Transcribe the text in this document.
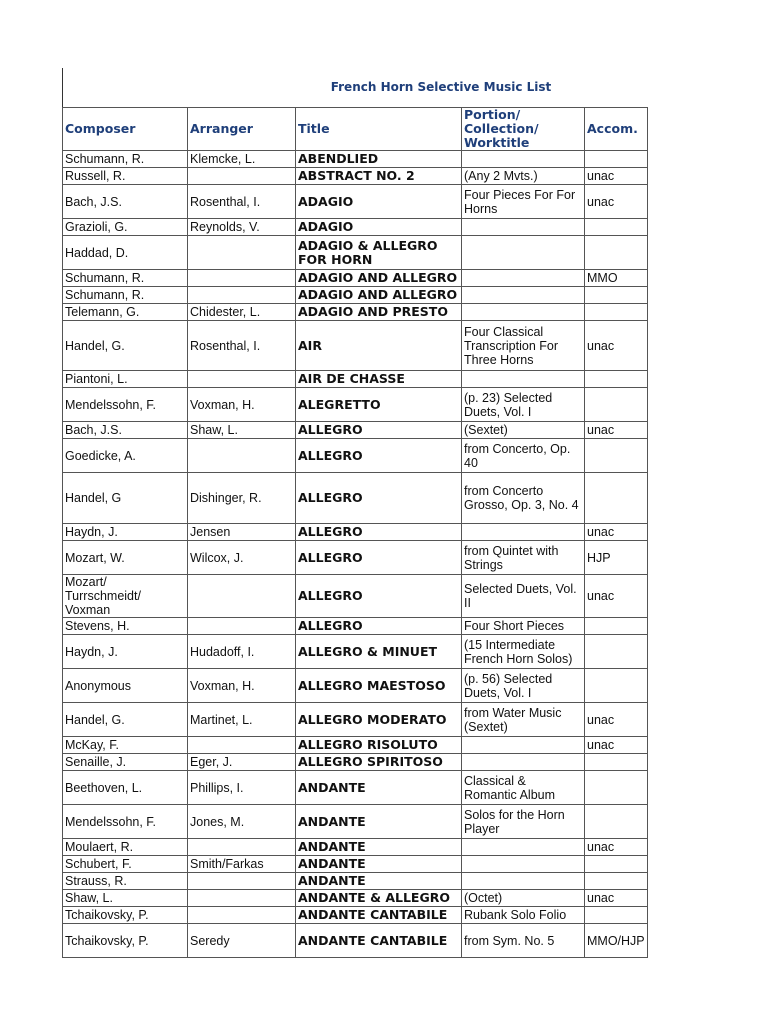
French Horn Selective Music List
Composer	Arranger	Title	Portion/ Collection/ Worktitle	Accom.
Schumann, R.	Klemcke, L.	ABENDLIED		
Russell, R.		ABSTRACT NO. 2	(Any 2 Mvts.)	unac
Bach, J.S.	Rosenthal, I.	ADAGIO	Four Pieces For For Horns	unac
Grazioli, G.	Reynolds, V.	ADAGIO		
Haddad, D.		ADAGIO & ALLEGRO FOR HORN		
Schumann, R.		ADAGIO AND ALLEGRO		MMO
Schumann, R.		ADAGIO AND ALLEGRO		
Telemann, G.	Chidester, L.	ADAGIO AND PRESTO		
Handel, G.	Rosenthal, I.	AIR	Four Classical Transcription For Three Horns	unac
Piantoni, L.		AIR DE CHASSE		
Mendelssohn, F.	Voxman, H.	ALEGRETTO	(p. 23) Selected Duets, Vol. I	
Bach, J.S.	Shaw, L.	ALLEGRO	(Sextet)	unac
Goedicke, A.		ALLEGRO	from Concerto, Op. 40	
Handel, G	Dishinger, R.	ALLEGRO	from Concerto Grosso, Op. 3, No. 4	
Haydn, J.	Jensen	ALLEGRO		unac
Mozart, W.	Wilcox, J.	ALLEGRO	from Quintet with Strings	HJP
Mozart/ Turrschmeidt/ Voxman		ALLEGRO	Selected Duets, Vol. II	unac
Stevens, H.		ALLEGRO	Four Short Pieces	
Haydn, J.	Hudadoff, I.	ALLEGRO & MINUET	(15 Intermediate French Horn Solos)	
Anonymous	Voxman, H.	ALLEGRO MAESTOSO	(p. 56) Selected Duets, Vol. I	
Handel, G.	Martinet, L.	ALLEGRO MODERATO	from Water Music (Sextet)	unac
McKay, F.		ALLEGRO RISOLUTO		unac
Senaille, J.	Eger, J.	ALLEGRO SPIRITOSO		
Beethoven, L.	Phillips, I.	ANDANTE	Classical & Romantic Album	
Mendelssohn, F.	Jones, M.	ANDANTE	Solos for the Horn Player	
Moulaert, R.		ANDANTE		unac
Schubert, F.	Smith/Farkas	ANDANTE		
Strauss, R.		ANDANTE		
Shaw, L.		ANDANTE & ALLEGRO	(Octet)	unac
Tchaikovsky, P.		ANDANTE CANTABILE	Rubank Solo Folio	
Tchaikovsky, P.	Seredy	ANDANTE CANTABILE	from Sym. No. 5	MMO/HJP
